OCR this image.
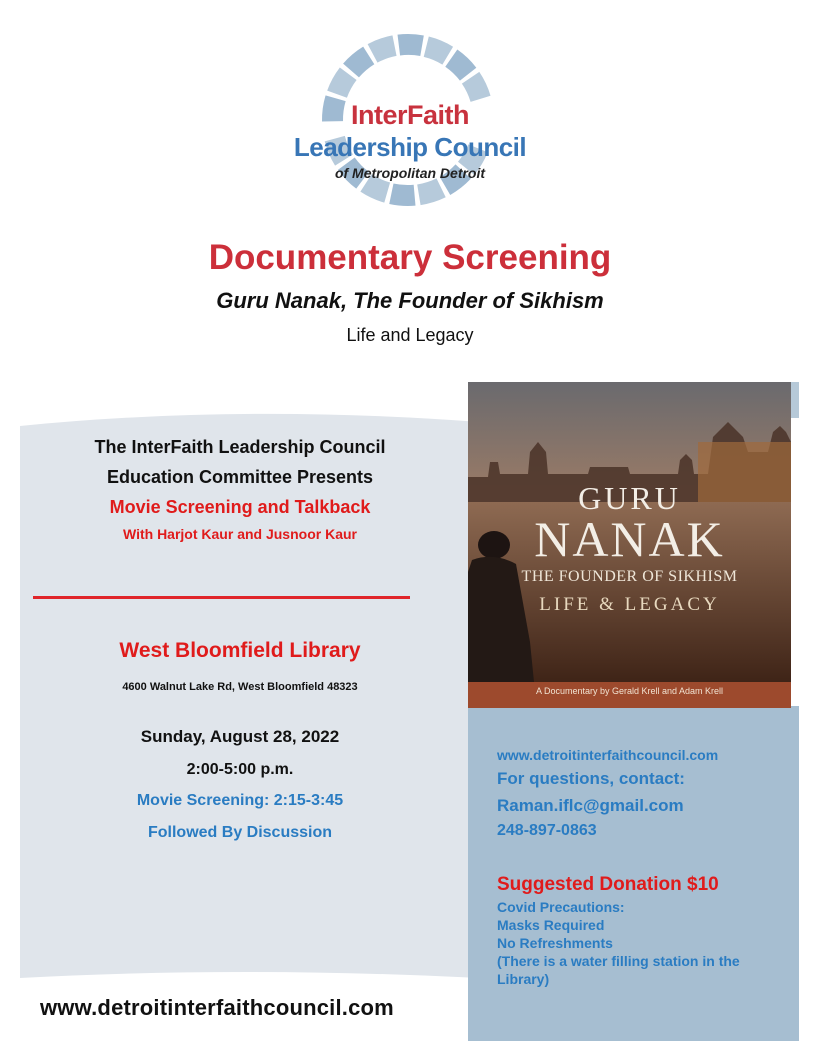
InterFaith
Leadership Council
of Metropolitan Detroit
Documentary Screening
Guru Nanak, The Founder of Sikhism
Life and Legacy
The InterFaith Leadership Council
Education Committee Presents
Movie Screening and Talkback
With Harjot Kaur and Jusnoor Kaur
West Bloomfield Library
4600 Walnut Lake Rd, West Bloomfield 48323
Sunday, August 28, 2022
2:00-5:00 p.m.
Movie Screening: 2:15-3:45
Followed By Discussion
GURU
NANAK
THE FOUNDER OF SIKHISM
LIFE & LEGACY
A Documentary by Gerald Krell and Adam Krell
www.detroitinterfaithcouncil.com
For questions, contact:
Raman.iflc@gmail.com
248-897-0863
Suggested Donation $10
Covid Precautions:
Masks Required
No Refreshments
(There is a water filling station in the Library)
www.detroitinterfaithcouncil.com
